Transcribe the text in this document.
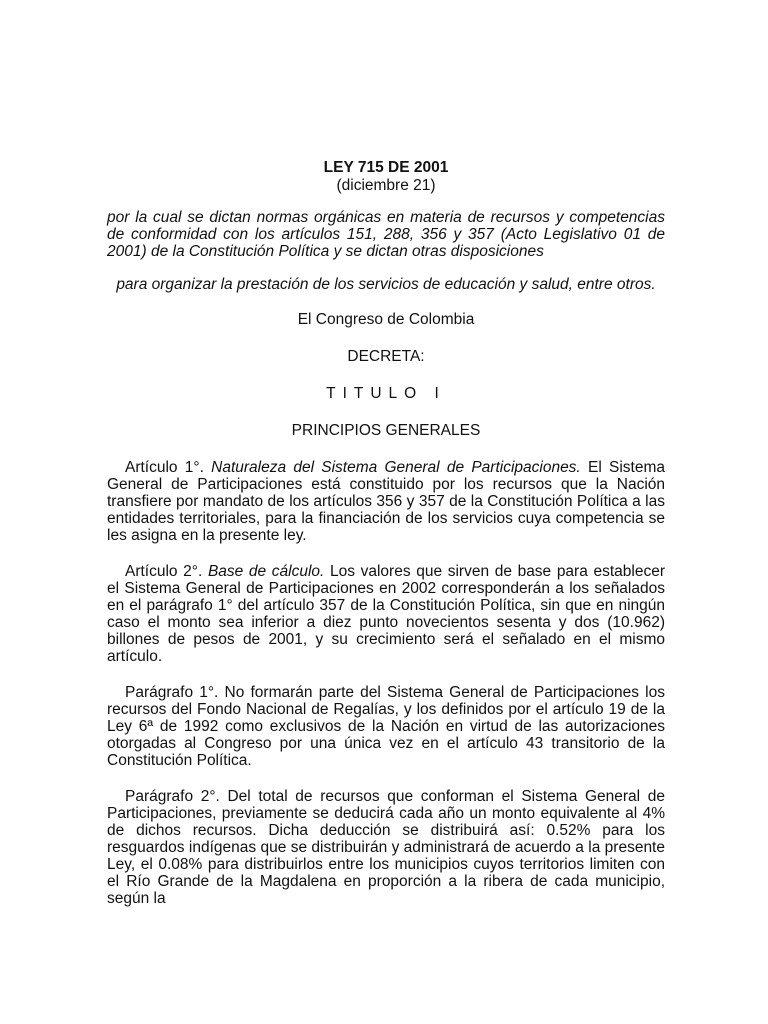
LEY 715 DE 2001
(diciembre 21)
por la cual se dictan normas orgánicas en materia de recursos y competencias de conformidad con los artículos 151, 288, 356 y 357 (Acto Legislativo 01 de 2001) de la Constitución Política y se dictan otras disposiciones
para organizar la prestación de los servicios de educación y salud, entre otros.
El Congreso de Colombia
DECRETA:
TITULO I
PRINCIPIOS GENERALES

Artículo 1°. Naturaleza del Sistema General de Participaciones. El Sistema General de Participaciones está constituido por los recursos que la Nación transfiere por mandato de los artículos 356 y 357 de la Constitución Política a las entidades territoriales, para la financiación de los servicios cuya competencia se les asigna en la presente ley.

Artículo 2°. Base de cálculo. Los valores que sirven de base para establecer el Sistema General de Participaciones en 2002 corresponderán a los señalados en el parágrafo 1° del artículo 357 de la Constitución Política, sin que en ningún caso el monto sea inferior a diez punto novecientos sesenta y dos (10.962) billones de pesos de 2001, y su crecimiento será el señalado en el mismo artículo.

Parágrafo 1°. No formarán parte del Sistema General de Participaciones los recursos del Fondo Nacional de Regalías, y los definidos por el artículo 19 de la Ley 6ª de 1992 como exclusivos de la Nación en virtud de las autorizaciones otorgadas al Congreso por una única vez en el artículo 43 transitorio de la Constitución Política.

Parágrafo 2°. Del total de recursos que conforman el Sistema General de Participaciones, previamente se deducirá cada año un monto equivalente al 4% de dichos recursos. Dicha deducción se distribuirá así: 0.52% para los resguardos indígenas que se distribuirán y administrará de acuerdo a la presente Ley, el 0.08% para distribuirlos entre los municipios cuyos territorios limiten con el Río Grande de la Magdalena en proporción a la ribera de cada municipio, según la
